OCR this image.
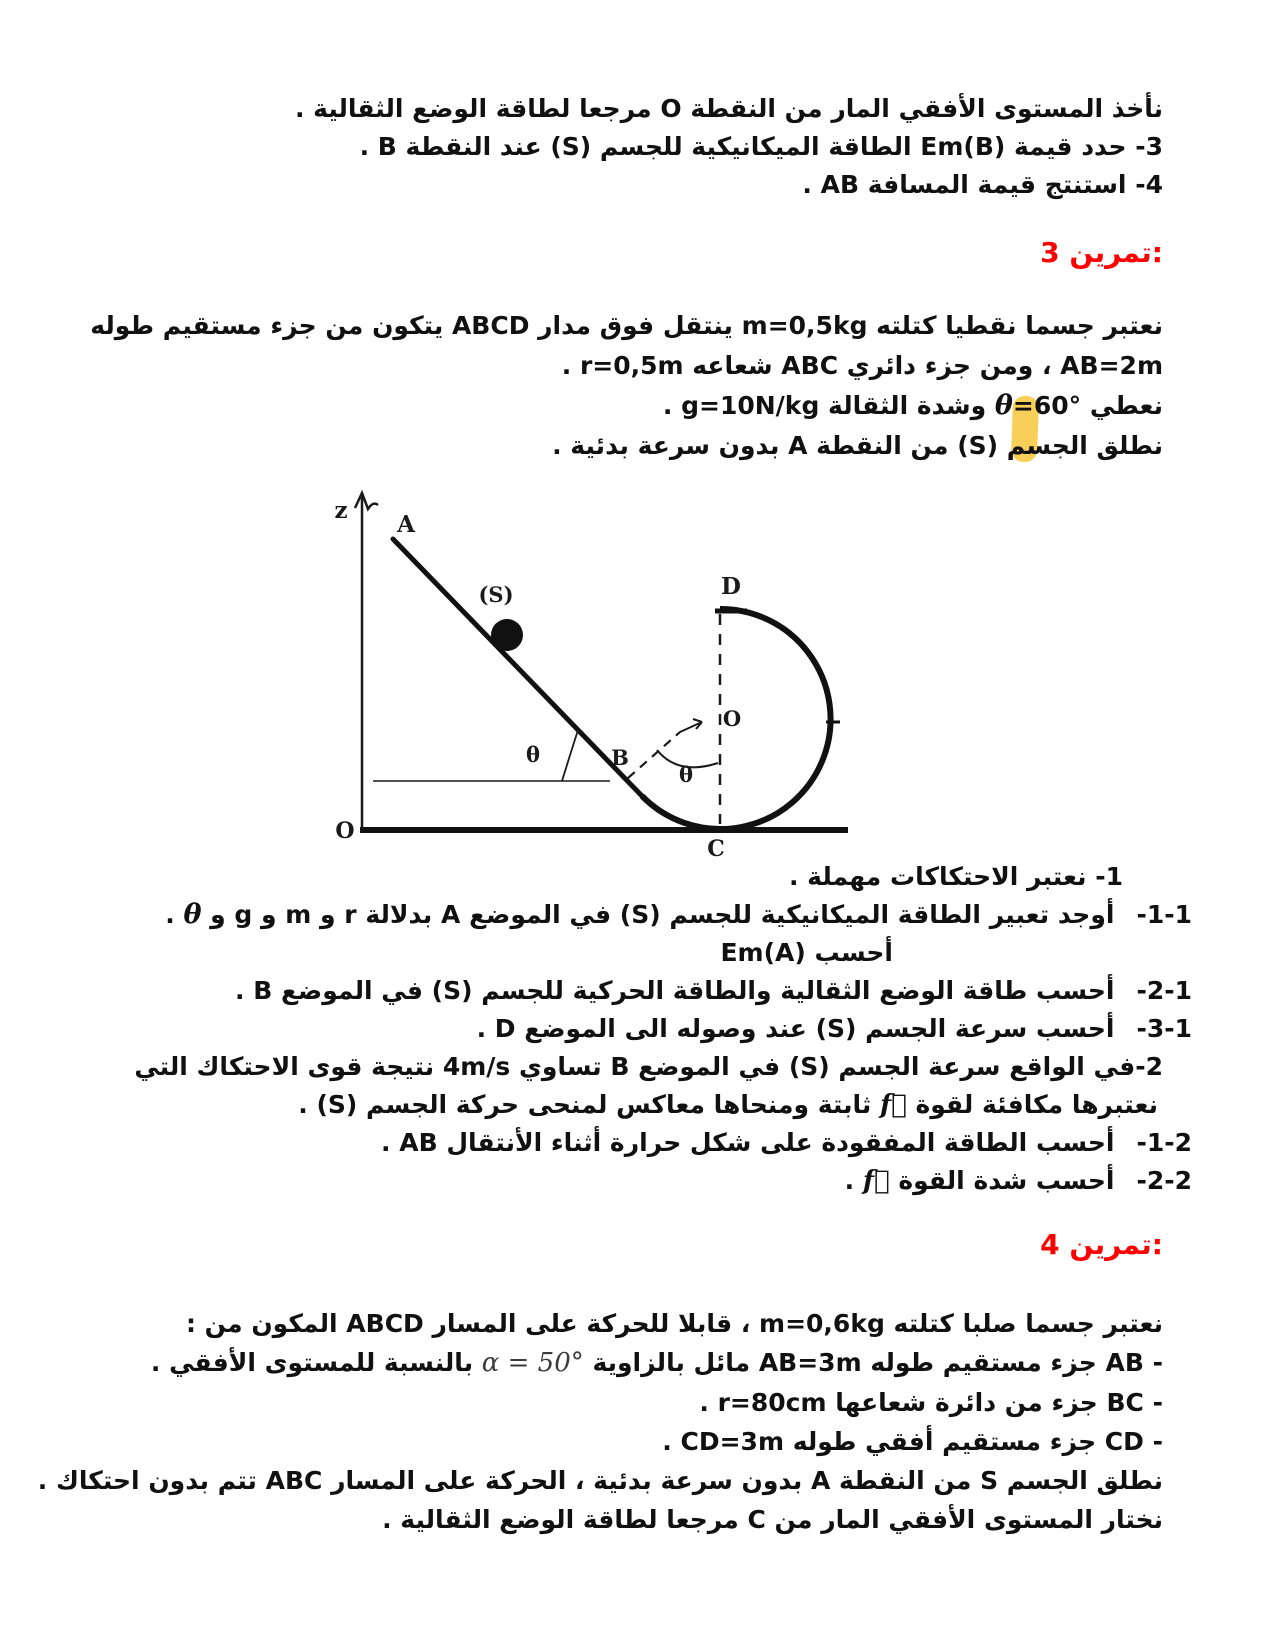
نأخذ المستوى الأفقي المار من النقطة O مرجعا لطاقة الوضع الثقالية .
3- حدد قيمة Em(B) الطاقة الميكانيكية للجسم (S) عند النقطة B .
4- استنتج قيمة المسافة AB .
تمرين 3:
نعتبر جسما نقطيا كتلته m=0,5kg ينتقل فوق مدار ABCD يتكون من جزء مستقيم طوله
AB=2m ، ومن جزء دائري ABC شعاعه r=0,5m .
نعطي θ=60° وشدة الثقالة g=10N/kg .
نطلق الجسم (S) من النقطة A بدون سرعة بدئية .
z
O
A
(S)
θ	B
D
C
O
θ
1- نعتبر الاحتكاكات مهملة .
1-1-أوجد تعبير الطاقة الميكانيكية للجسم (S) في الموضع A بدلالة r و m و g و θ .
أحسب Em(A)
2-1-أحسب طاقة الوضع الثقالية والطاقة الحركية للجسم (S) في الموضع B .
3-1-أحسب سرعة الجسم (S) عند وصوله الى الموضع D .
2-في الواقع سرعة الجسم (S) في الموضع B تساوي 4m/s نتيجة قوى الاحتكاك التي
نعتبرها مكافئة لقوة f⃗ ثابتة ومنحاها معاكس لمنحى حركة الجسم (S) .
1-2-أحسب الطاقة المفقودة على شكل حرارة أثناء الأنتقال AB .
2-2-أحسب شدة القوة f⃗ .
تمرين 4:
نعتبر جسما صلبا كتلته m=0,6kg ، قابلا للحركة على المسار ABCD المكون من :
- AB جزء مستقيم طوله AB=3m مائل بالزاوية α = 50° بالنسبة للمستوى الأفقي .
- BC جزء من دائرة شعاعها r=80cm .
- CD جزء مستقيم أفقي طوله CD=3m .
نطلق الجسم S من النقطة A بدون سرعة بدئية ، الحركة على المسار ABC تتم بدون احتكاك .
نختار المستوى الأفقي المار من C مرجعا لطاقة الوضع الثقالية .
